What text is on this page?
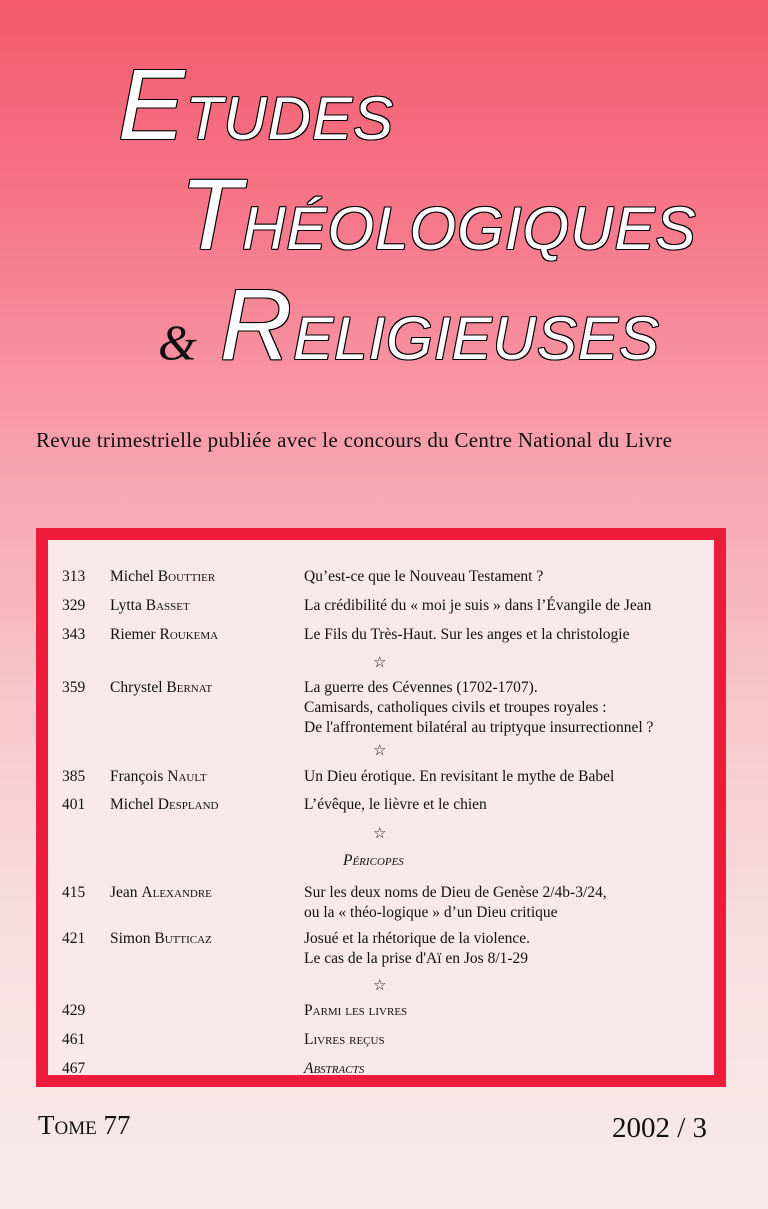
ETUDES
THÉOLOGIQUES
& RELIGIEUSES
Revue trimestrielle publiée avec le concours du Centre National du Livre
313 Michel Bouttier	Qu’est-ce que le Nouveau Testament ?
329 Lytta Basset	La crédibilité du « moi je suis » dans l’Évangile de Jean
343 Riemer Roukema	Le Fils du Très-Haut. Sur les anges et la christologie
☆
359 Chrystel Bernat	La guerre des Cévennes (1702-1707).
Camisards, catholiques civils et troupes royales :
De l'affrontement bilatéral au triptyque insurrectionnel ?
☆
385 François Nault	Un Dieu érotique. En revisitant le mythe de Babel
401 Michel Despland	L’évêque, le lièvre et le chien
☆
Péricopes
415 Jean Alexandre	Sur les deux noms de Dieu de Genèse 2/4b-3/24,
ou la « théo-logique » d’un Dieu critique
421 Simon Butticaz	Josué et la rhétorique de la violence.
Le cas de la prise d'Aï en Jos 8/1-29
☆
429	Parmi les livres
461	Livres reçus
467	Abstracts
Tome 77	2002 / 3
